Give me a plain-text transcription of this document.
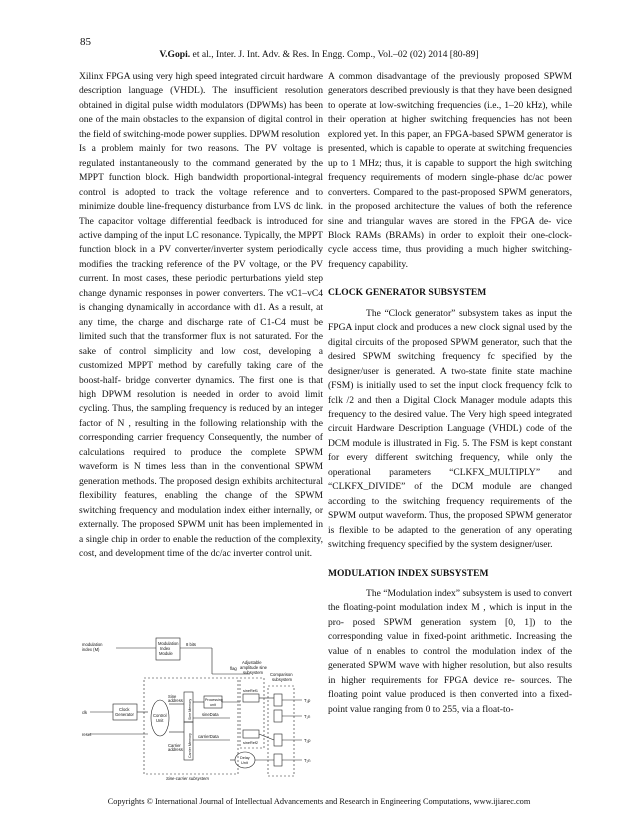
85
V.Gopi. et al., Inter. J. Int. Adv. & Res. In Engg. Comp., Vol.–02 (02) 2014 [80-89]

Xilinx FPGA using very high speed integrated circuit hardware description language (VHDL). The insufficient resolution obtained in digital pulse width modulators (DPWMs) has been one of the main obstacles to the expansion of digital control in the field of switching-mode power supplies. DPWM resolution

Is a problem mainly for two reasons. The PV voltage is regulated instantaneously to the command generated by the MPPT function block. High bandwidth proportional-integral control is adopted to track the voltage reference and to minimize double line-frequency disturbance from LVS dc link. The capacitor voltage differential feedback is introduced for active damping of the input LC resonance. Typically, the MPPT function block in a PV converter/inverter system periodically modifies the tracking reference of the PV voltage, or the PV current. In most cases, these periodic perturbations yield step change dynamic responses in power converters. The vC1–vC4 is changing dynamically in accordance with d1. As a result, at any time, the charge and discharge rate of C1-C4 must be limited such that the transformer flux is not saturated. For the sake of control simplicity and low cost, developing a customized MPPT method by carefully taking care of the boost-half- bridge converter dynamics. The first one is that high DPWM resolution is needed in order to avoid limit cycling. Thus, the sampling frequency is reduced by an integer factor of N , resulting in the following relationship with the corresponding carrier frequency Consequently, the number of calculations required to produce the complete SPWM waveform is N times less than in the conventional SPWM generation methods. The proposed design exhibits architectural flexibility features, enabling the change of the SPWM switching frequency and modulation index either internally, or externally. The proposed SPWM unit has been implemented in a single chip in order to enable the reduction of the complexity, cost, and development time of the dc/ac inverter control unit.

A common disadvantage of the previously proposed SPWM generators described previously is that they have been designed to operate at low-switching frequencies (i.e., 1–20 kHz), while their operation at higher switching frequencies has not been explored yet. In this paper, an FPGA-based SPWM generator is presented, which is capable to operate at switching frequencies up to 1 MHz; thus, it is capable to support the high switching frequency requirements of modern single-phase dc/ac power converters. Compared to the past-proposed SPWM generators, in the proposed architecture the values of both the reference sine and triangular waves are stored in the FPGA de- vice Block RAMs (BRAMs) in order to exploit their one-clock- cycle access time, thus providing a much higher switching-frequency capability.

CLOCK GENERATOR SUBSYSTEM

The “Clock generator” subsystem takes as input the FPGA input clock and produces a new clock signal used by the digital circuits of the proposed SPWM generator, such that the desired SPWM switching frequency fc specified by the designer/user is generated. A two-state finite state machine (FSM) is initially used to set the input clock frequency fclk to fclk /2 and then a Digital Clock Manager module adapts this frequency to the desired value. The Very high speed integrated circuit Hardware Description Language (VHDL) code of the DCM module is illustrated in Fig. 5. The FSM is kept constant for every different switching frequency, while only the operational parameters “CLKFX_MULTIPLY” and “CLKFX_DIVIDE” of the DCM module are changed according to the switching frequency requirements of the SPWM output waveform. Thus, the proposed SPWM generator is flexible to be adapted to the generation of any operating switching frequency specified by the system designer/user.

MODULATION INDEX SUBSYSTEM

The “Modulation index” subsystem is used to convert the floating-point modulation index M , which is input in the pro- posed SPWM generation system [0, 1]) to the corresponding value in fixed-point arithmetic. Increasing the value of n enables to control the modulation index of the generated SPWM wave with higher resolution, but also results in higher requirements for FPGA device re- sources. The floating point value produced is then converted into a fixed-point value ranging from 0 to 255, via a float-to-

modulation
index (M)
Modulation
Index
Module
8 bits
clk
reset
Clock
Generator	Control
Unit
Sine
address
Carrier
address
Sine Memory
Carrier Memory
Processing
unit
sineData
carrierData
flag
Adjustable
amplitude sine
subsystem Comparison
subsystem
sineRef1
sineRef2
Delay
Unit
T₁p
T₁n
T₂p
T₂n
Sine-carrier subsystem
Copyrights © International Journal of Intellectual Advancements and Research in Engineering Computations, www.ijiarec.com
